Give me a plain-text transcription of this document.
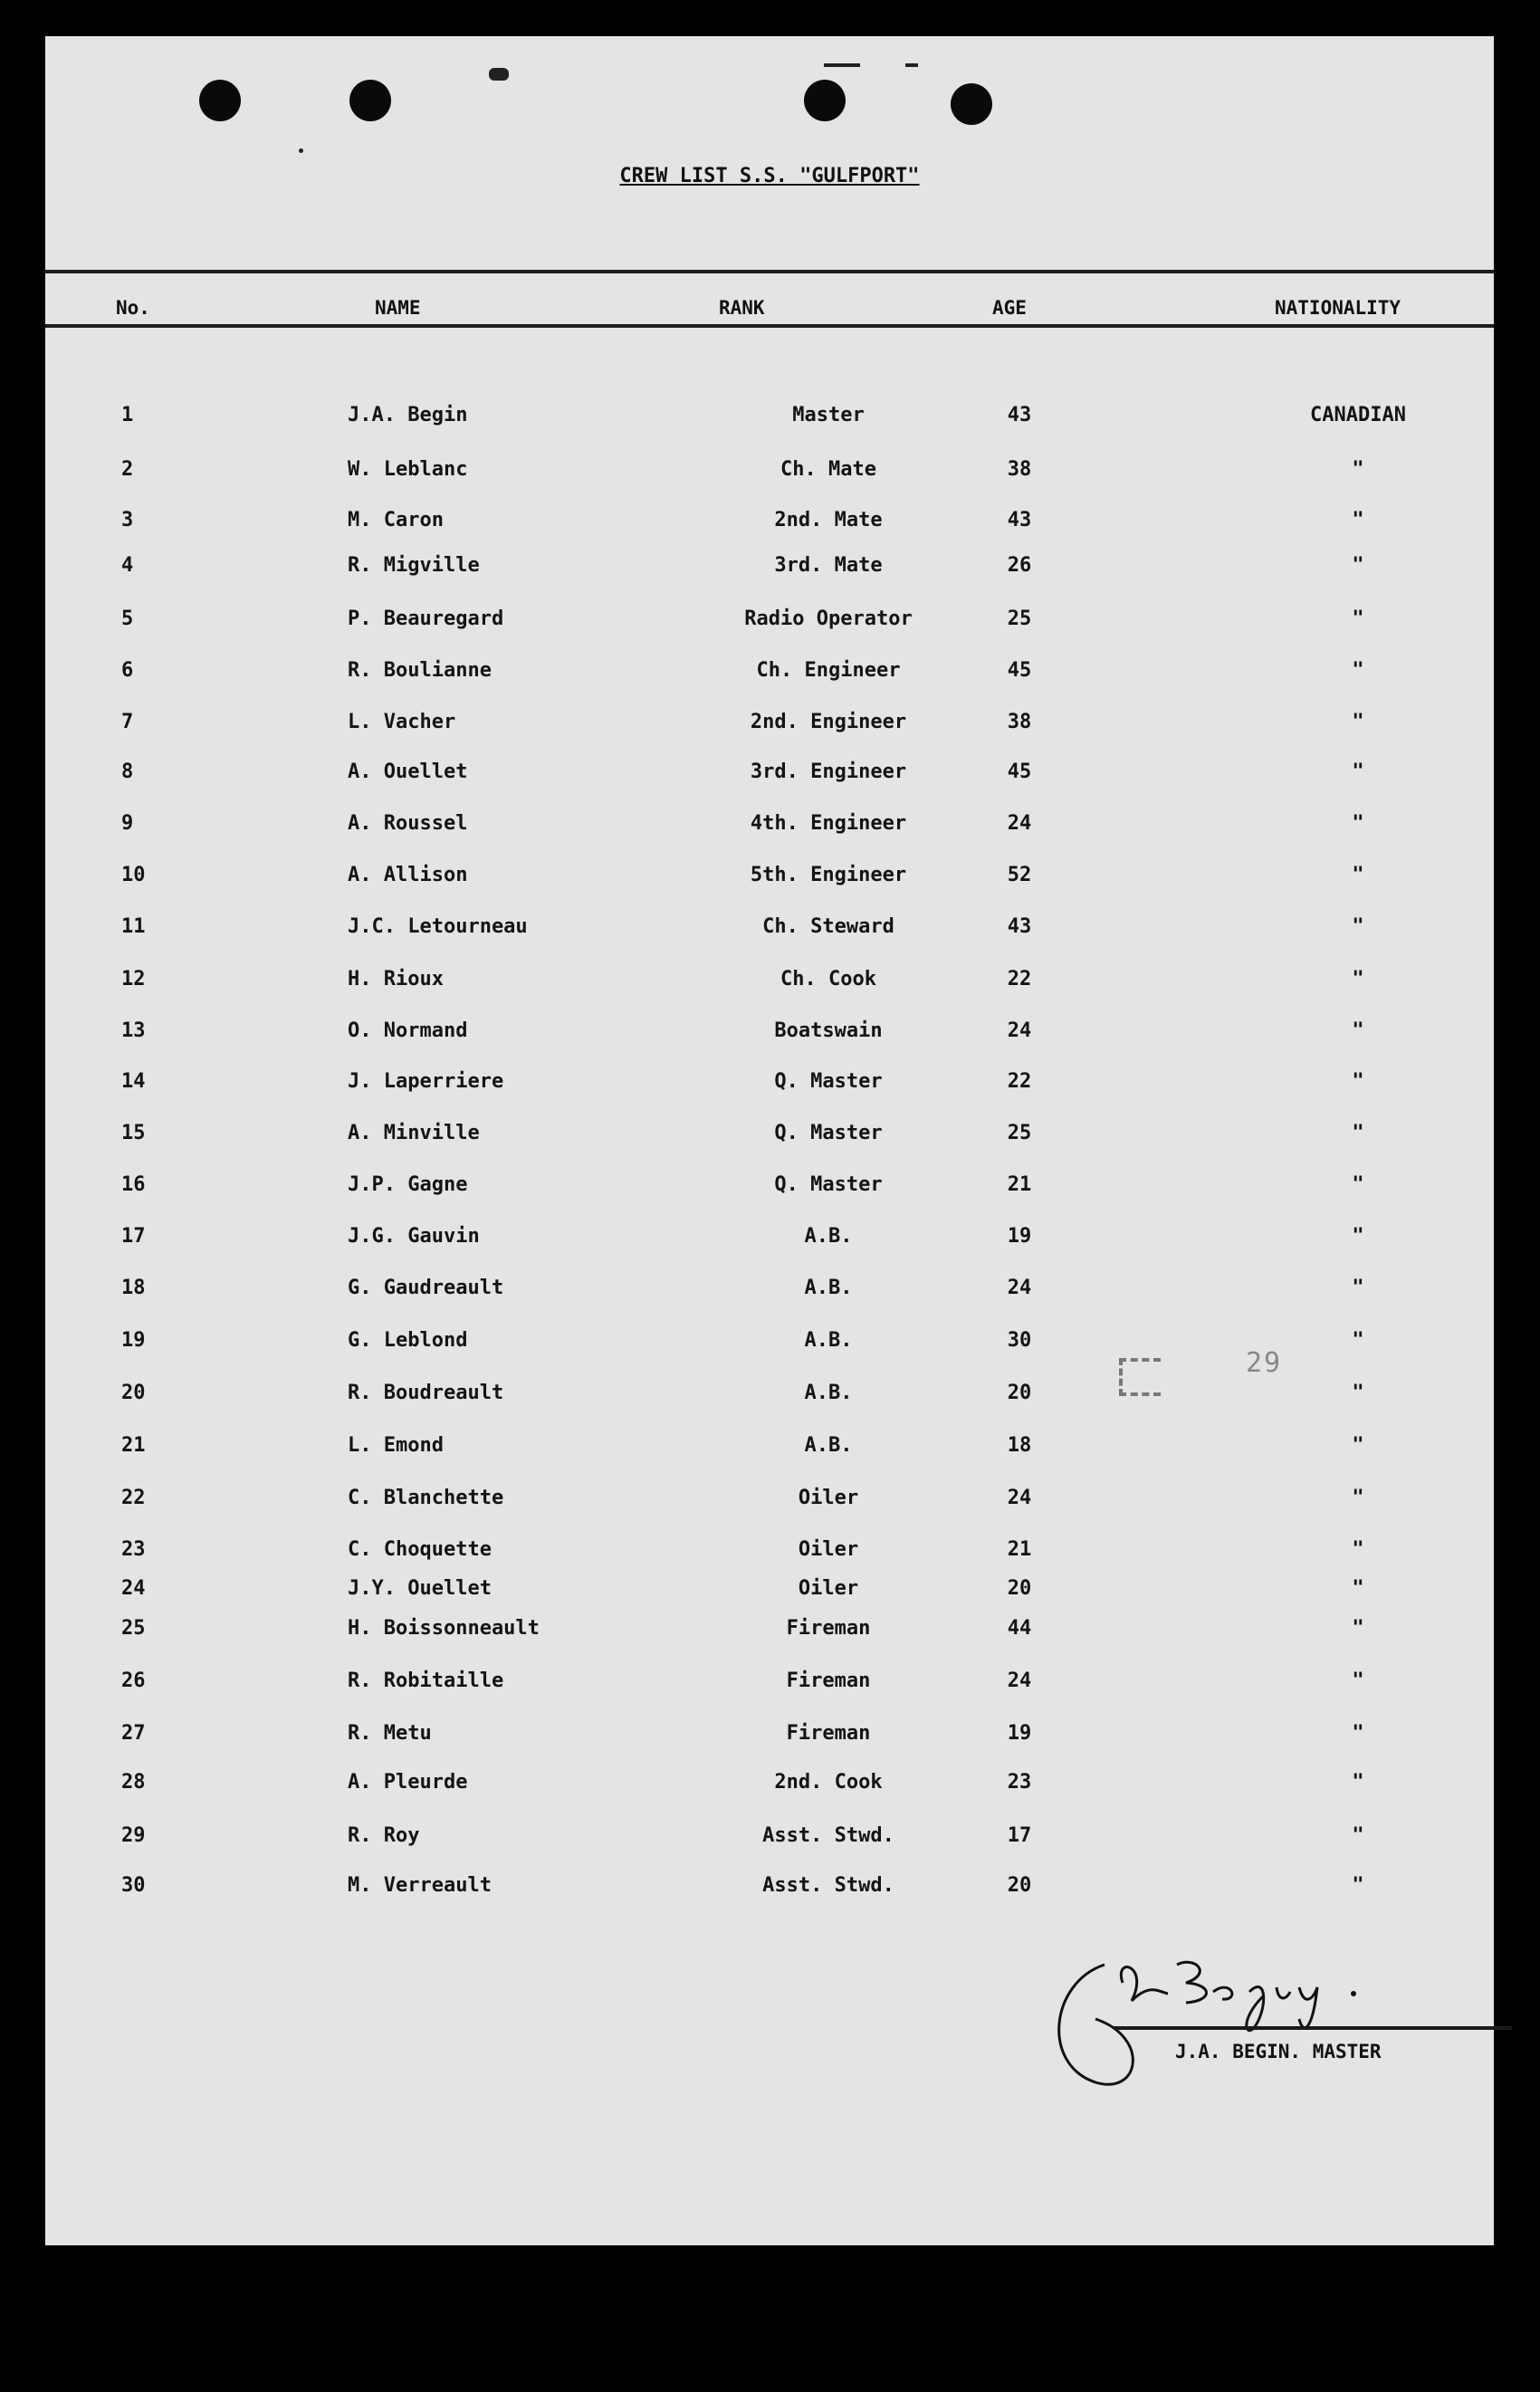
CREW LIST S.S. "GULFPORT"
No.	NAME	RANK	AGE	NATIONALITY
1	J.A. Begin	Master	43	CANADIAN
2	W. Leblanc	Ch. Mate	38	"
3	M. Caron	2nd. Mate	43	"
4	R. Migville	3rd. Mate	26	"
5	P. Beauregard	Radio Operator	25	"
6	R. Boulianne	Ch. Engineer	45	"
7	L. Vacher	2nd. Engineer	38	"
8	A. Ouellet	3rd. Engineer	45	"
9	A. Roussel	4th. Engineer	24	"
10	A. Allison	5th. Engineer	52	"
11	J.C. Letourneau	Ch. Steward	43	"
12	H. Rioux	Ch. Cook	22	"
13	O. Normand	Boatswain	24	"
14	J. Laperriere	Q. Master	22	"
15	A. Minville	Q. Master	25	"
16	J.P. Gagne	Q. Master	21	"
17	J.G. Gauvin	A.B.	19	"
18	G. Gaudreault	A.B.	24	"
19	G. Leblond	A.B.	30	"
20	R. Boudreault	A.B.	20	"
21	L. Emond	A.B.	18	"
22	C. Blanchette	Oiler	24	"
23	C. Choquette	Oiler	21	"
24	J.Y. Ouellet	Oiler	20	"
25	H. Boissonneault	Fireman	44	"
26	R. Robitaille	Fireman	24	"
27	R. Metu	Fireman	19	"
28	A. Pleurde	2nd. Cook	23	"
29	R. Roy	Asst. Stwd.	17	"
30	M. Verreault	Asst. Stwd.	20	"
29
J.A. BEGIN. MASTER
